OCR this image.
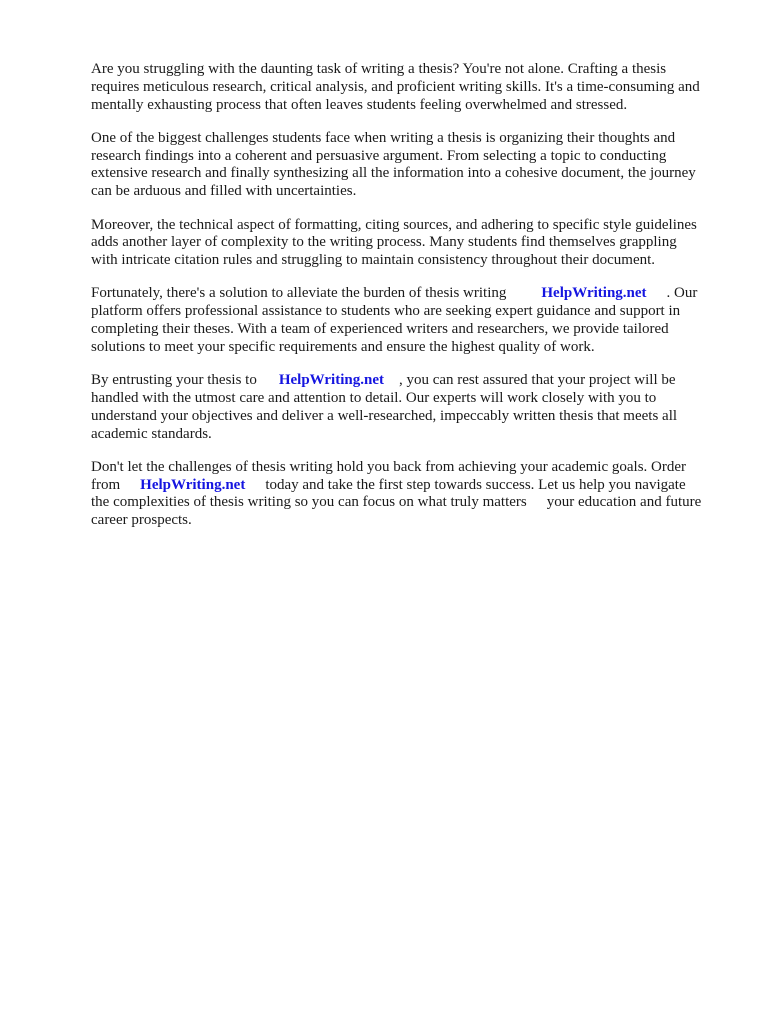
Are you struggling with the daunting task of writing a thesis? You're not alone. Crafting a thesis
requires meticulous research, critical analysis, and proficient writing skills. It's a time-consuming and
mentally exhausting process that often leaves students feeling overwhelmed and stressed.

One of the biggest challenges students face when writing a thesis is organizing their thoughts and
research findings into a coherent and persuasive argument. From selecting a topic to conducting
extensive research and finally synthesizing all the information into a cohesive document, the journey
can be arduous and filled with uncertainties.

Moreover, the technical aspect of formatting, citing sources, and adhering to specific style guidelines
adds another layer of complexity to the writing process. Many students find themselves grappling
with intricate citation rules and struggling to maintain consistency throughout their document.

Fortunately, there's a solution to alleviate the burden of thesis writing HelpWriting.net . Our
platform offers professional assistance to students who are seeking expert guidance and support in
completing their theses. With a team of experienced writers and researchers, we provide tailored
solutions to meet your specific requirements and ensure the highest quality of work.

By entrusting your thesis to HelpWriting.net , you can rest assured that your project will be
handled with the utmost care and attention to detail. Our experts will work closely with you to
understand your objectives and deliver a well-researched, impeccably written thesis that meets all
academic standards.

Don't let the challenges of thesis writing hold you back from achieving your academic goals. Order
from HelpWriting.net today and take the first step towards success. Let us help you navigate
the complexities of thesis writing so you can focus on what truly matters your education and future
career prospects.
